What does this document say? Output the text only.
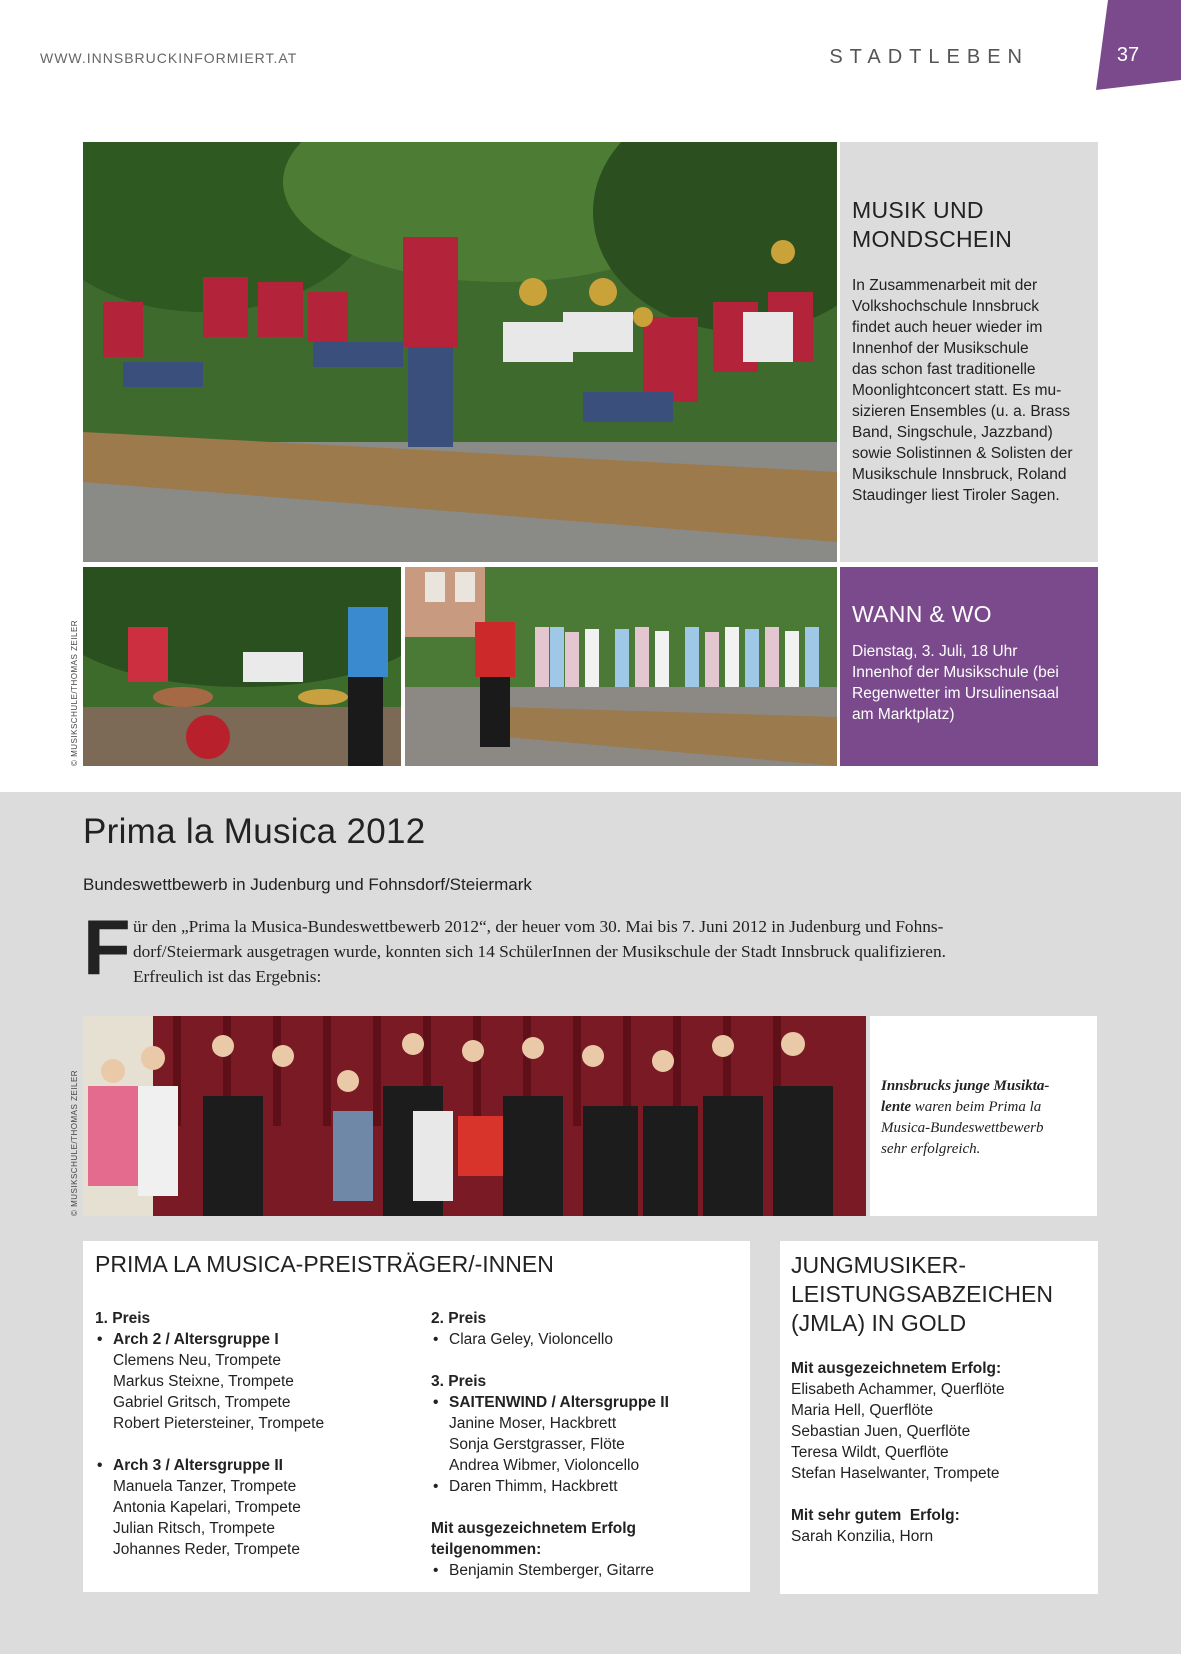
WWW.INNSBRUCKINFORMIERT.AT	STADTLEBEN	37
© MUSIKSCHULE/THOMAS ZEILER
MUSIK UND
MONDSCHEIN
In Zusammenarbeit mit der
Volkshochschule Innsbruck
findet auch heuer wieder im
Innenhof der Musikschule
das schon fast traditionelle
Moonlightconcert statt. Es mu-
sizieren Ensembles (u. a. Brass
Band, Singschule, Jazzband)
sowie Solistinnen & Solisten der
Musikschule Innsbruck, Roland
Staudinger liest Tiroler Sagen.
WANN & WO
Dienstag, 3. Juli, 18 Uhr
Innenhof der Musikschule (bei
Regenwetter im Ursulinensaal
am Marktplatz)
Prima la Musica 2012
Bundeswettbewerb in Judenburg und Fohnsdorf/Steiermark
F ür den „Prima la Musica-Bundeswettbewerb 2012“, der heuer vom 30. Mai bis 7. Juni 2012 in Judenburg und Fohns-
dorf/Steiermark ausgetragen wurde, konnten sich 14 SchülerInnen der Musikschule der Stadt Innsbruck qualifizieren.
Erfreulich ist das Ergebnis:
© MUSIKSCHULE/THOMAS ZEILER	Innsbrucks junge Musikta-
lente waren beim Prima la
Musica-Bundeswettbewerb
sehr erfolgreich.
PRIMA LA MUSICA-PREISTRÄGER/-INNEN
1. Preis
• Arch 2 / Altersgruppe I
Clemens Neu, Trompete
Markus Steixne, Trompete
Gabriel Gritsch, Trompete
Robert Pietersteiner, Trompete
• Arch 3 / Altersgruppe II
Manuela Tanzer, Trompete
Antonia Kapelari, Trompete
Julian Ritsch, Trompete
Johannes Reder, Trompete
2. Preis
• Clara Geley, Violoncello
3. Preis
• SAITENWIND / Altersgruppe II
Janine Moser, Hackbrett
Sonja Gerstgrasser, Flöte
Andrea Wibmer, Violoncello
• Daren Thimm, Hackbrett
Mit ausgezeichnetem Erfolg
teilgenommen:
• Benjamin Stemberger, Gitarre
JUNGMUSIKER-
LEISTUNGSABZEICHEN
(JMLA) IN GOLD
Mit ausgezeichnetem Erfolg:
Elisabeth Achammer, Querflöte
Maria Hell, Querflöte
Sebastian Juen, Querflöte
Teresa Wildt, Querflöte
Stefan Haselwanter, Trompete
Mit sehr gutem  Erfolg:
Sarah Konzilia, Horn
